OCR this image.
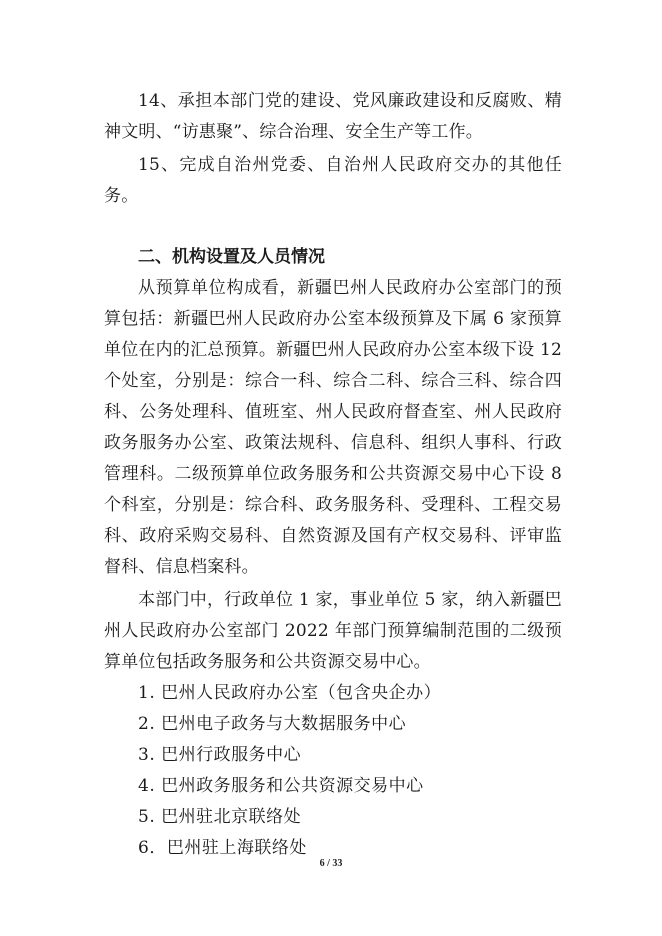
14、承担本部门党的建设、党风廉政建设和反腐败、精神文明、“访惠聚”、综合治理、安全生产等工作。

15、完成自治州党委、自治州人民政府交办的其他任务。

二、机构设置及人员情况

从预算单位构成看，新疆巴州人民政府办公室部门的预算包括：新疆巴州人民政府办公室本级预算及下属 6 家预算单位在内的汇总预算。新疆巴州人民政府办公室本级下设 12 个处室，分别是：综合一科、综合二科、综合三科、综合四科、公务处理科、值班室、州人民政府督查室、州人民政府政务服务办公室、政策法规科、信息科、组织人事科、行政管理科。二级预算单位政务服务和公共资源交易中心下设 8 个科室，分别是：综合科、政务服务科、受理科、工程交易科、政府采购交易科、自然资源及国有产权交易科、评审监督科、信息档案科。

本部门中，行政单位 1 家，事业单位 5 家，纳入新疆巴州人民政府办公室部门 2022 年部门预算编制范围的二级预算单位包括政务服务和公共资源交易中心。

1. 巴州人民政府办公室（包含央企办）
2. 巴州电子政务与大数据服务中心
3. 巴州行政服务中心
4. 巴州政务服务和公共资源交易中心
5. 巴州驻北京联络处
6．巴州驻上海联络处
6 / 33
